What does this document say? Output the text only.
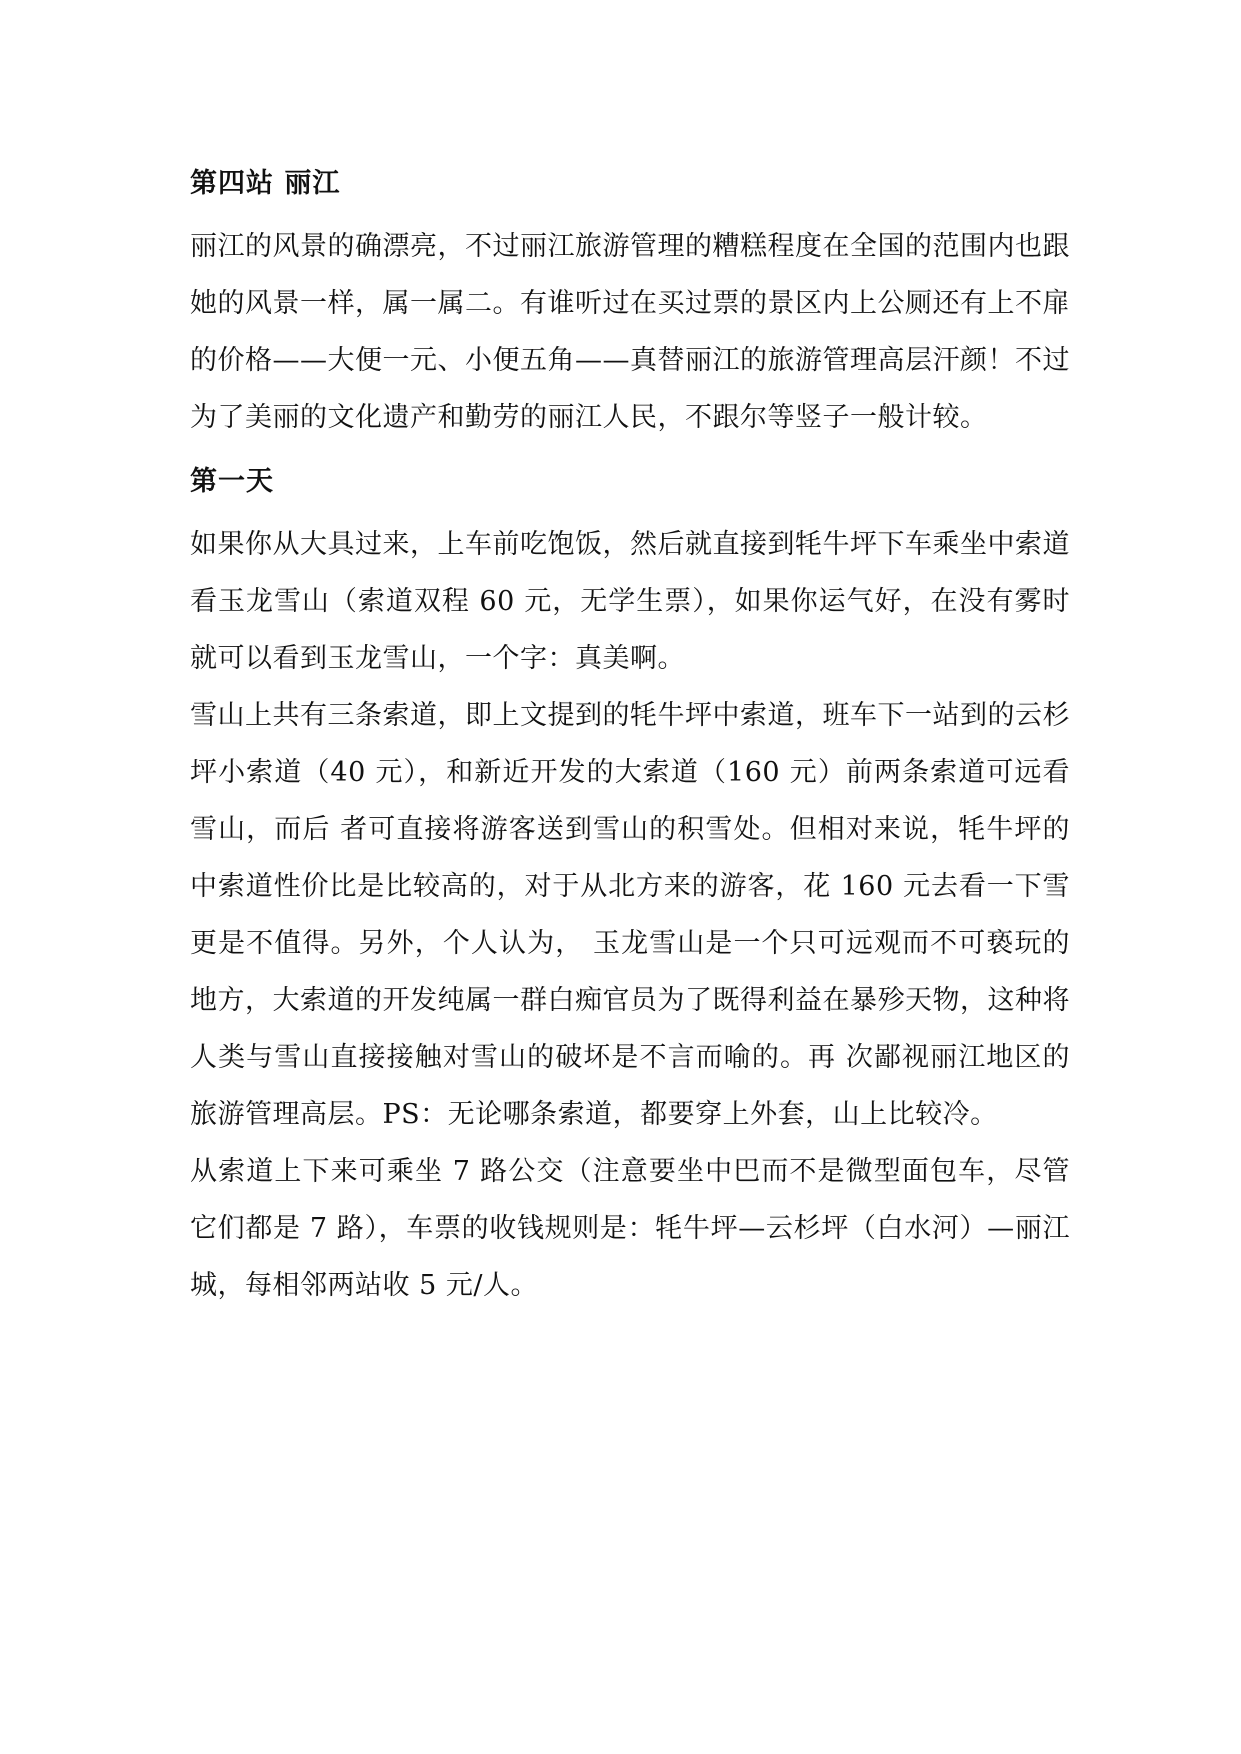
第四站 丽江

丽江的风景的确漂亮，不过丽江旅游管理的糟糕程度在全国的范围内也跟她的风景一样，属一属二。有谁听过在买过票的景区内上公厕还有上不扉的价格——大便一元、小便五角——真替丽江的旅游管理高层汗颜！不过为了美丽的文化遗产和勤劳的丽江人民，不跟尔等竖子一般计较。

第一天

如果你从大具过来，上车前吃饱饭，然后就直接到牦牛坪下车乘坐中索道看玉龙雪山（索道双程 60 元，无学生票），如果你运气好，在没有雾时就可以看到玉龙雪山，一个字：真美啊。

雪山上共有三条索道，即上文提到的牦牛坪中索道，班车下一站到的云杉坪小索道（40 元），和新近开发的大索道（160 元）前两条索道可远看雪山，而后 者可直接将游客送到雪山的积雪处。但相对来说，牦牛坪的中索道性价比是比较高的，对于从北方来的游客，花 160 元去看一下雪更是不值得。另外，个人认为， 玉龙雪山是一个只可远观而不可亵玩的地方，大索道的开发纯属一群白痴官员为了既得利益在暴殄天物，这种将人类与雪山直接接触对雪山的破坏是不言而喻的。再 次鄙视丽江地区的旅游管理高层。PS：无论哪条索道，都要穿上外套，山上比较冷。

从索道上下来可乘坐 7 路公交（注意要坐中巴而不是微型面包车，尽管它们都是 7 路），车票的收钱规则是：牦牛坪—云杉坪（白水河）—丽江城，每相邻两站收 5 元/人。
